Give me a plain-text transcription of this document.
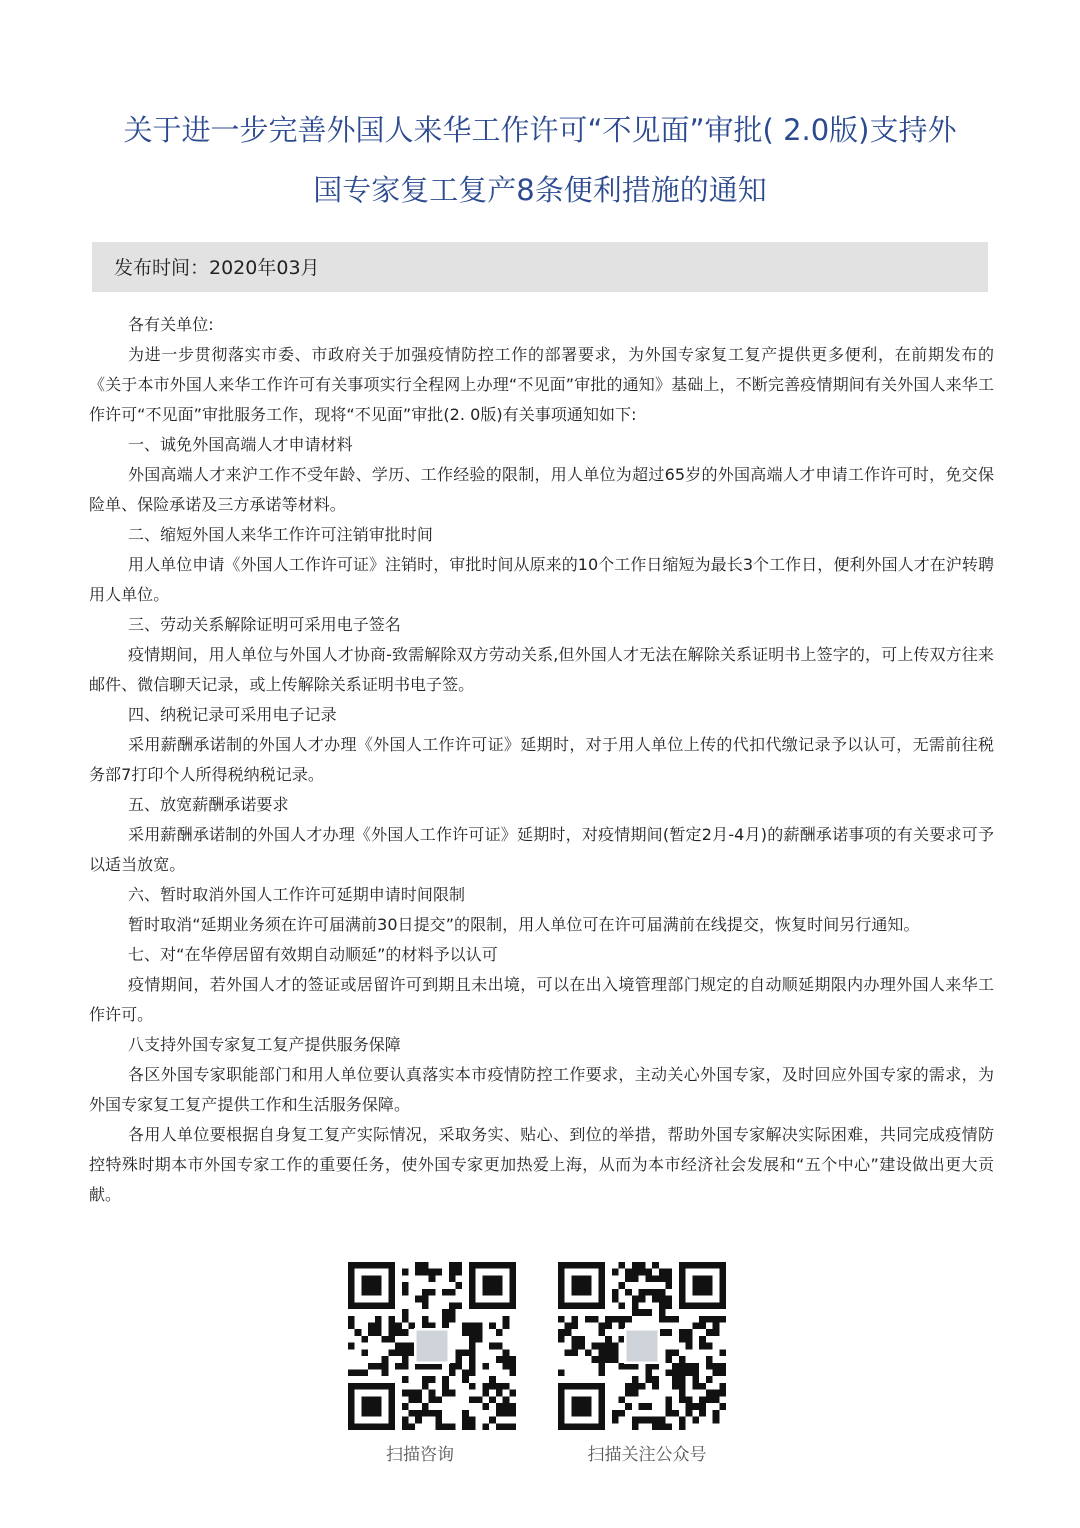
关于进一步完善外国人来华工作许可“不见面”审批( 2.0版)支持外
国专家复工复产8条便利措施的通知
发布时间：2020年03月

各有关单位:

为进一步贯彻落实市委、市政府关于加强疫情防控工作的部署要求，为外国专家复工复产提供更多便利，在前期发布的《关于本市外国人来华工作许可有关事项实行全程网上办理“不见面”审批的通知》基础上，不断完善疫情期间有关外国人来华工作许可“不见面”审批服务工作，现将“不见面”审批(2. 0版)有关事项通知如下:

一、诚免外国高端人才申请材料

外国高端人才来沪工作不受年龄、学历、工作经验的限制，用人单位为超过65岁的外国高端人才申请工作许可时，免交保险单、保险承诺及三方承诺等材料。

二、缩短外国人来华工作许可注销审批时间

用人单位申请《外国人工作许可证》注销时，审批时间从原来的10个工作日缩短为最长3个工作日，便利外国人才在沪转聘用人单位。

三、劳动关系解除证明可采用电子签名

疫情期间，用人单位与外国人才协商-致需解除双方劳动关系,但外国人才无法在解除关系证明书上签字的，可上传双方往来邮件、微信聊天记录，或上传解除关系证明书电子签。

四、纳税记录可采用电子记录

采用薪酬承诺制的外国人才办理《外国人工作许可证》延期时，对于用人单位上传的代扣代缴记录予以认可，无需前往税务部7打印个人所得税纳税记录。

五、放宽薪酬承诺要求

采用薪酬承诺制的外国人才办理《外国人工作许可证》延期时，对疫情期间(暂定2月-4月)的薪酬承诺事项的有关要求可予以适当放宽。

六、暂时取消外国人工作许可延期申请时间限制

暂时取消“延期业务须在许可届满前30日提交”的限制，用人单位可在许可届满前在线提交，恢复时间另行通知。

七、对“在华停居留有效期自动顺延”的材料予以认可

疫情期间，若外国人才的签证或居留许可到期且未出境，可以在出入境管理部门规定的自动顺延期限内办理外国人来华工作许可。

八支持外国专家复工复产提供服务保障

各区外国专家职能部门和用人单位要认真落实本市疫情防控工作要求，主动关心外国专家，及时回应外国专家的需求，为外国专家复工复产提供工作和生活服务保障。

各用人单位要根据自身复工复产实际情况，采取务实、贴心、到位的举措，帮助外国专家解决实际困难，共同完成疫情防控特殊时期本市外国专家工作的重要任务，使外国专家更加热爱上海，从而为本市经济社会发展和“五个中心”建设做出更大贡献。

扫描咨询	扫描关注公众号
